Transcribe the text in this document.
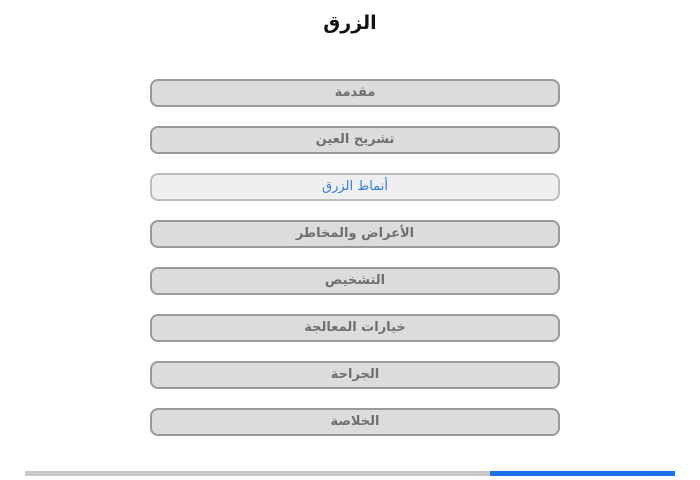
الزرق
مقدمة
تشريح العين
أنماط الزرق
الأعراض والمخاطر
التشخيص
خيارات المعالجة
الجراحة
الخلاصة
